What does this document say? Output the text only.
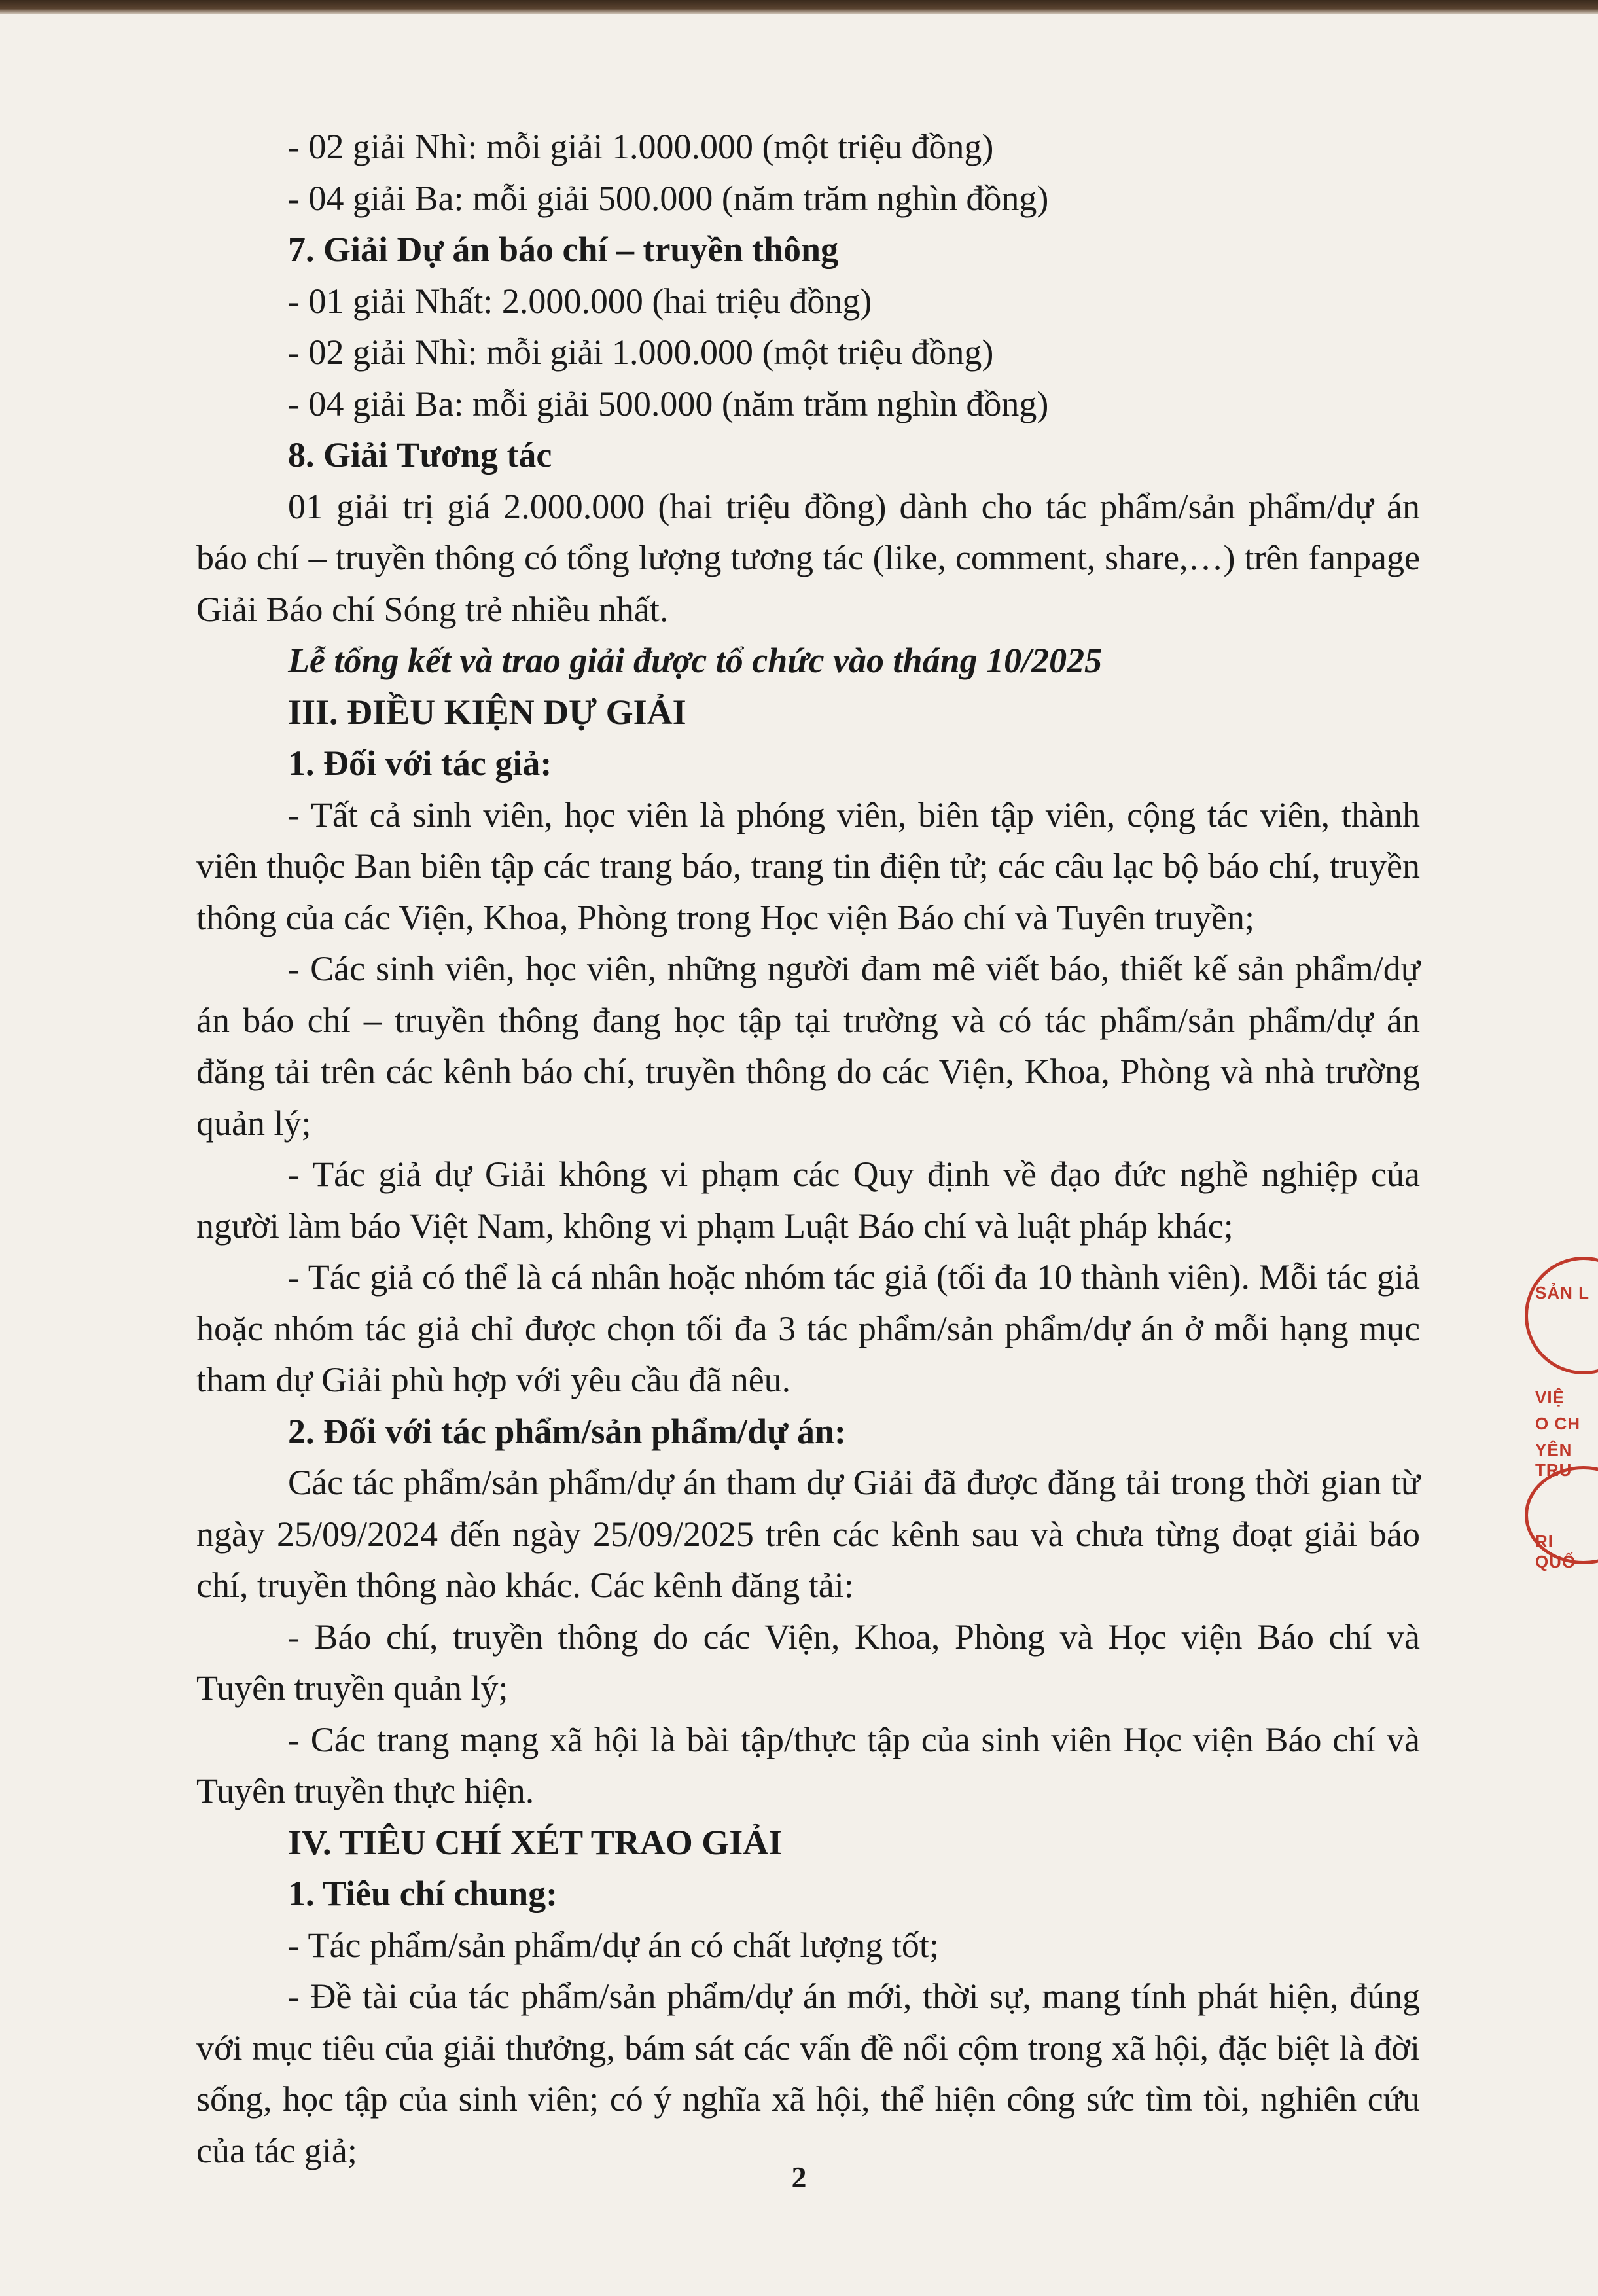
- 02 giải Nhì: mỗi giải 1.000.000 (một triệu đồng)

- 04 giải Ba: mỗi giải 500.000 (năm trăm nghìn đồng)

7. Giải Dự án báo chí – truyền thông

- 01 giải Nhất: 2.000.000 (hai triệu đồng)

- 02 giải Nhì: mỗi giải 1.000.000 (một triệu đồng)

- 04 giải Ba: mỗi giải 500.000 (năm trăm nghìn đồng)

8. Giải Tương tác

01 giải trị giá 2.000.000 (hai triệu đồng) dành cho tác phẩm/sản phẩm/dự án báo chí – truyền thông có tổng lượng tương tác (like, comment, share,…) trên fanpage Giải Báo chí Sóng trẻ nhiều nhất.

Lễ tổng kết và trao giải được tổ chức vào tháng 10/2025

III. ĐIỀU KIỆN DỰ GIẢI

1. Đối với tác giả:

- Tất cả sinh viên, học viên là phóng viên, biên tập viên, cộng tác viên, thành viên thuộc Ban biên tập các trang báo, trang tin điện tử; các câu lạc bộ báo chí, truyền thông của các Viện, Khoa, Phòng trong Học viện Báo chí và Tuyên truyền;

- Các sinh viên, học viên, những người đam mê viết báo, thiết kế sản phẩm/dự án báo chí – truyền thông đang học tập tại trường và có tác phẩm/sản phẩm/dự án đăng tải trên các kênh báo chí, truyền thông do các Viện, Khoa, Phòng và nhà trường quản lý;

- Tác giả dự Giải không vi phạm các Quy định về đạo đức nghề nghiệp của người làm báo Việt Nam, không vi phạm Luật Báo chí và luật pháp khác;

- Tác giả có thể là cá nhân hoặc nhóm tác giả (tối đa 10 thành viên). Mỗi tác giả hoặc nhóm tác giả chỉ được chọn tối đa 3 tác phẩm/sản phẩm/dự án ở mỗi hạng mục tham dự Giải phù hợp với yêu cầu đã nêu.

2. Đối với tác phẩm/sản phẩm/dự án:

Các tác phẩm/sản phẩm/dự án tham dự Giải đã được đăng tải trong thời gian từ ngày 25/09/2024 đến ngày 25/09/2025 trên các kênh sau và chưa từng đoạt giải báo chí, truyền thông nào khác. Các kênh đăng tải:

- Báo chí, truyền thông do các Viện, Khoa, Phòng và Học viện Báo chí và Tuyên truyền quản lý;

- Các trang mạng xã hội là bài tập/thực tập của sinh viên Học viện Báo chí và Tuyên truyền thực hiện.

IV. TIÊU CHÍ XÉT TRAO GIẢI

1. Tiêu chí chung:

- Tác phẩm/sản phẩm/dự án có chất lượng tốt;

- Đề tài của tác phẩm/sản phẩm/dự án mới, thời sự, mang tính phát hiện, đúng với mục tiêu của giải thưởng, bám sát các vấn đề nổi cộm trong xã hội, đặc biệt là đời sống, học tập của sinh viên; có ý nghĩa xã hội, thể hiện công sức tìm tòi, nghiên cứu của tác giả;

2
SẢN L
VIỆ
O CH
YÊN TRU
RI QUỐ
